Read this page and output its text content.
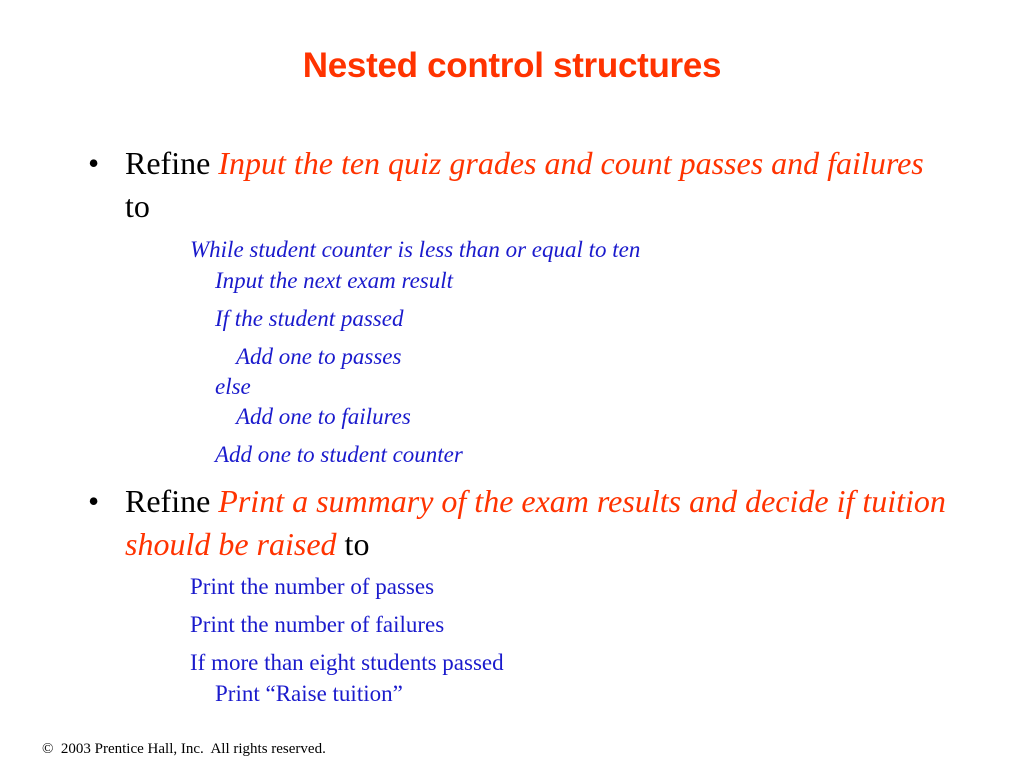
Nested control structures
• Refine Input the ten quiz grades and count passes and failures to
While student counter is less than or equal to ten
Input the next exam result
If the student passed
Add one to passes
else
Add one to failures
Add one to student counter
• Refine Print a summary of the exam results and decide if tuition should be raised to
Print the number of passes
Print the number of failures
If more than eight students passed
Print “Raise tuition”
©  2003 Prentice Hall, Inc.  All rights reserved.
